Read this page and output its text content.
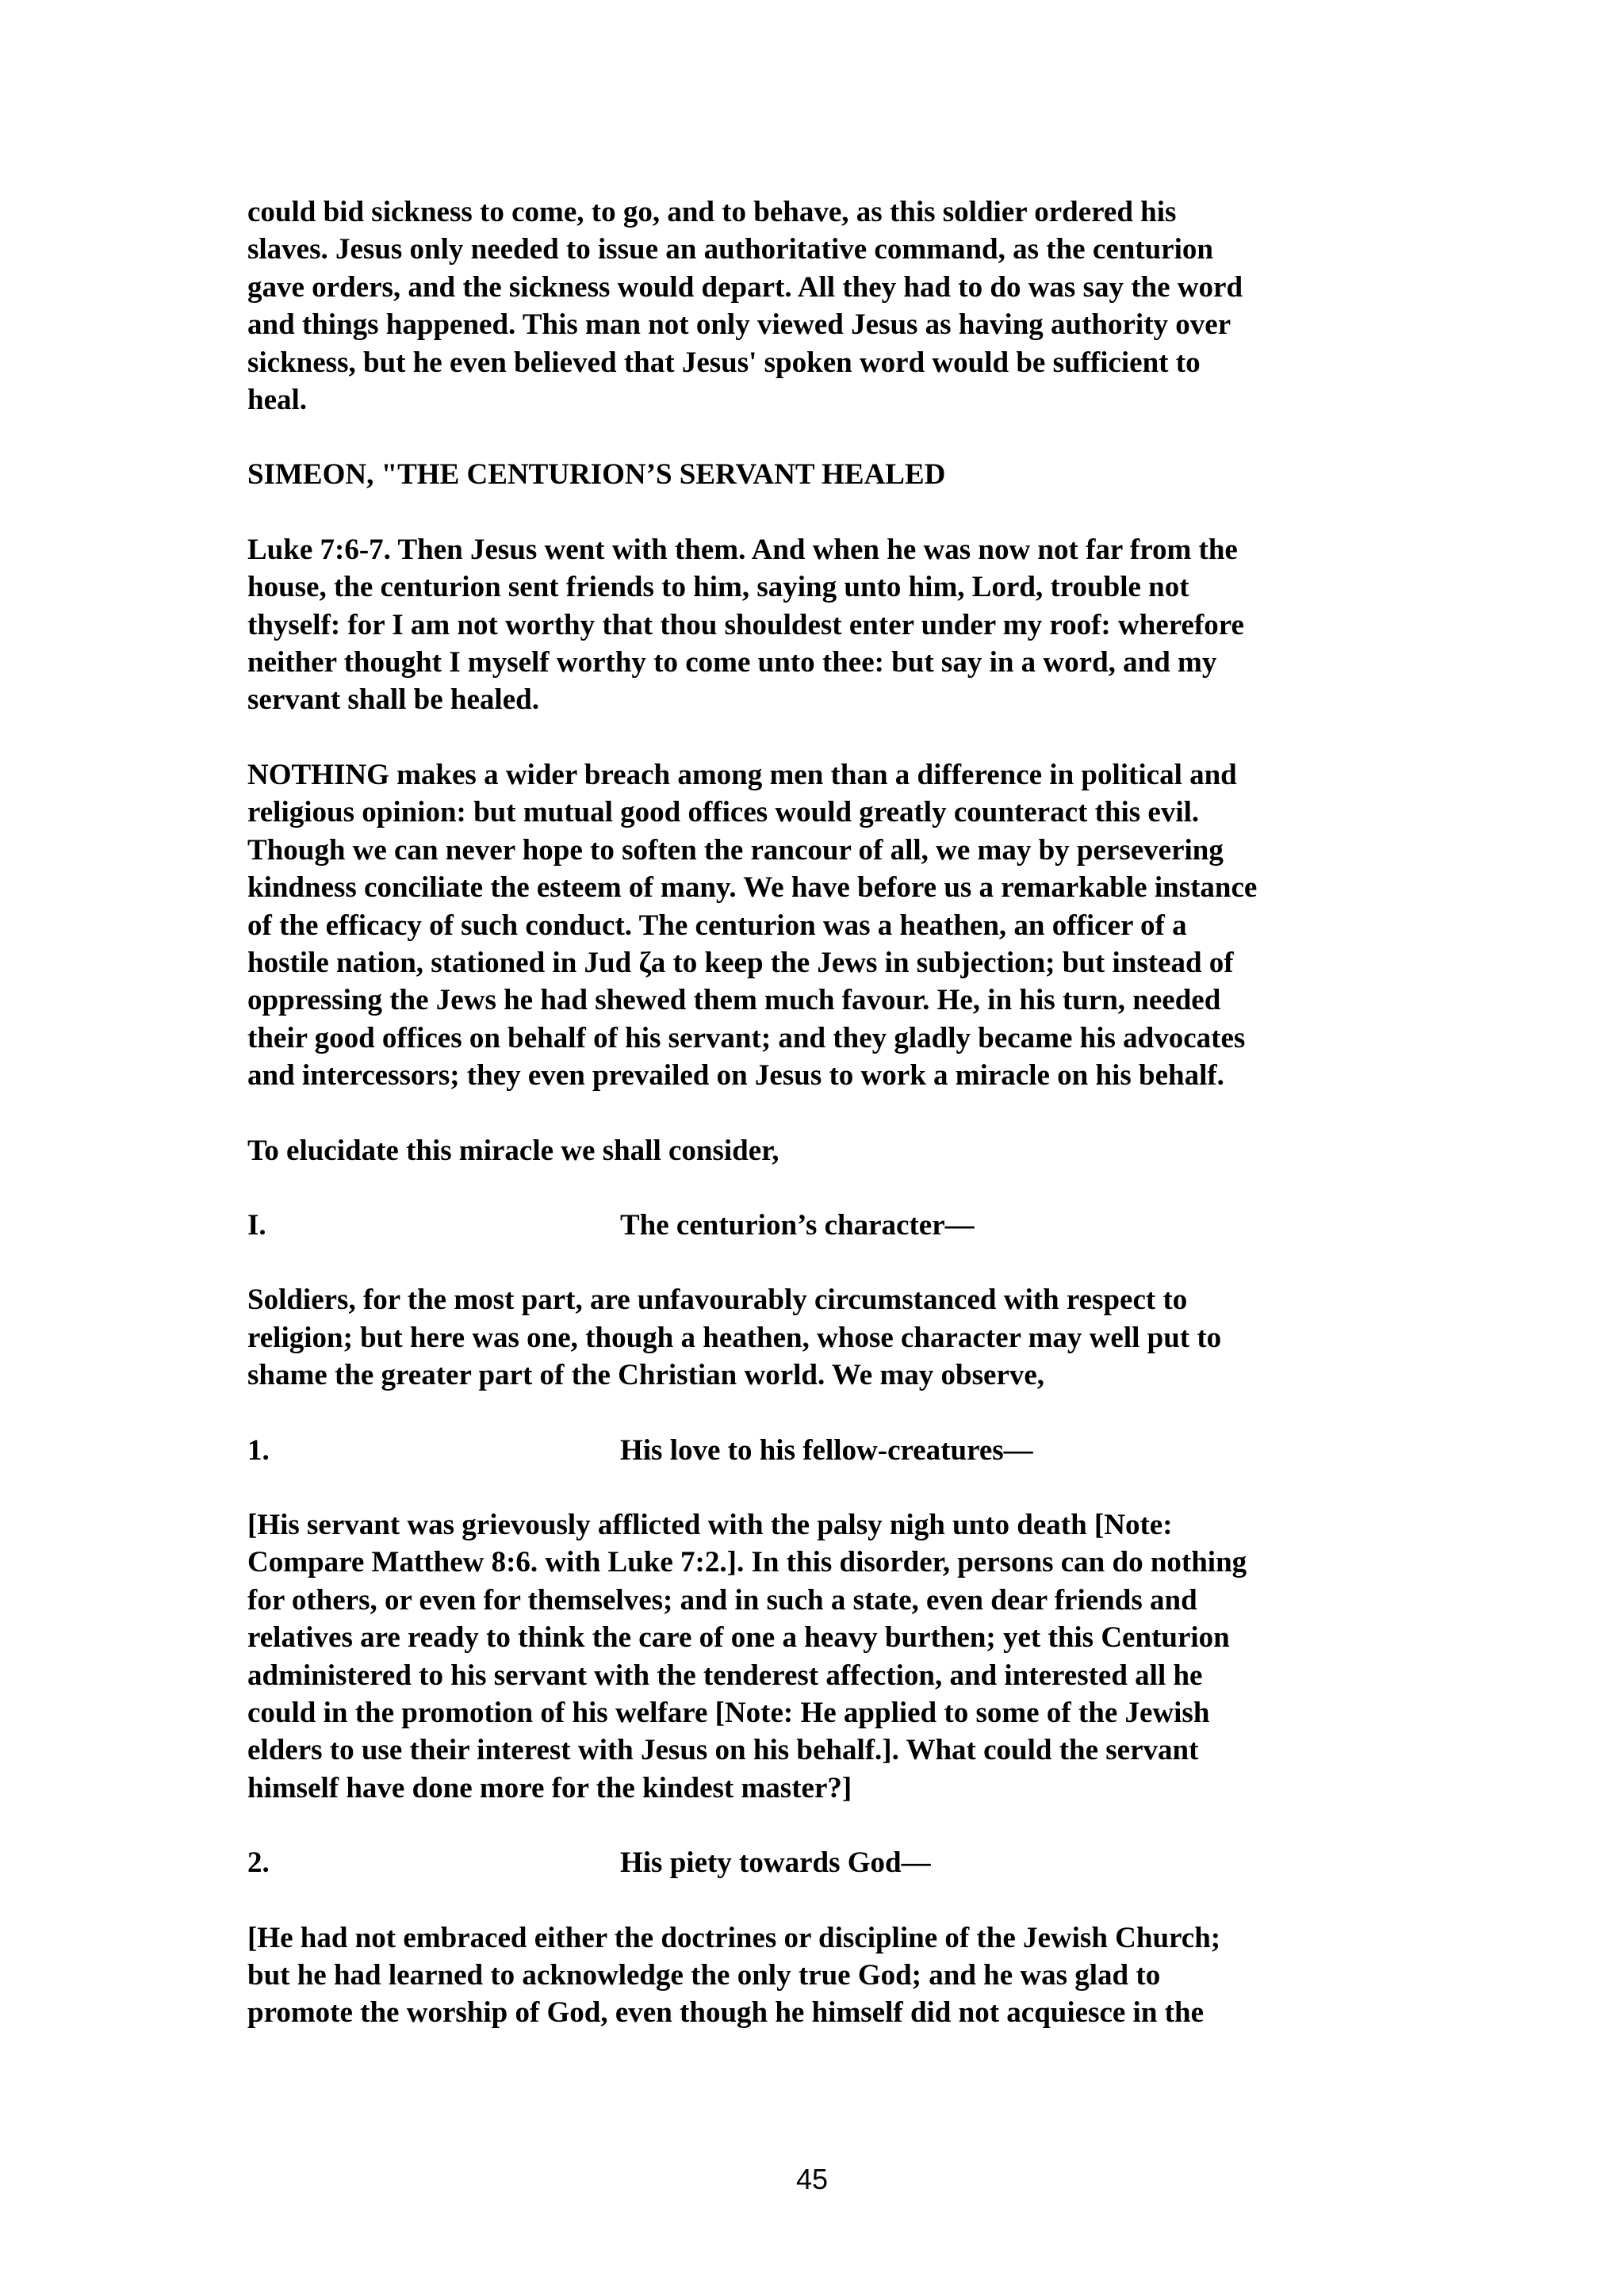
could bid sickness to come, to go, and to behave, as this soldier ordered his
slaves. Jesus only needed to issue an authoritative command, as the centurion
gave orders, and the sickness would depart. All they had to do was say the word
and things happened. This man not only viewed Jesus as having authority over
sickness, but he even believed that Jesus' spoken word would be sufficient to
heal.

SIMEON, "THE CENTURION’S SERVANT HEALED

Luke 7:6-7. Then Jesus went with them. And when he was now not far from the
house, the centurion sent friends to him, saying unto him, Lord, trouble not
thyself: for I am not worthy that thou shouldest enter under my roof: wherefore
neither thought I myself worthy to come unto thee: but say in a word, and my
servant shall be healed.

NOTHING makes a wider breach among men than a difference in political and
religious opinion: but mutual good offices would greatly counteract this evil.
Though we can never hope to soften the rancour of all, we may by persevering
kindness conciliate the esteem of many. We have before us a remarkable instance
of the efficacy of such conduct. The centurion was a heathen, an officer of a
hostile nation, stationed in Jud ζa to keep the Jews in subjection; but instead of
oppressing the Jews he had shewed them much favour. He, in his turn, needed
their good offices on behalf of his servant; and they gladly became his advocates
and intercessors; they even prevailed on Jesus to work a miracle on his behalf.

To elucidate this miracle we shall consider,

I.	The centurion’s character—

Soldiers, for the most part, are unfavourably circumstanced with respect to
religion; but here was one, though a heathen, whose character may well put to
shame the greater part of the Christian world. We may observe,

1.	His love to his fellow-creatures—

[His servant was grievously afflicted with the palsy nigh unto death [Note:
Compare Matthew 8:6. with Luke 7:2.]. In this disorder, persons can do nothing
for others, or even for themselves; and in such a state, even dear friends and
relatives are ready to think the care of one a heavy burthen; yet this Centurion
administered to his servant with the tenderest affection, and interested all he
could in the promotion of his welfare [Note: He applied to some of the Jewish
elders to use their interest with Jesus on his behalf.]. What could the servant
himself have done more for the kindest master?]

2.	His piety towards God—

[He had not embraced either the doctrines or discipline of the Jewish Church;
but he had learned to acknowledge the only true God; and he was glad to
promote the worship of God, even though he himself did not acquiesce in the

45
